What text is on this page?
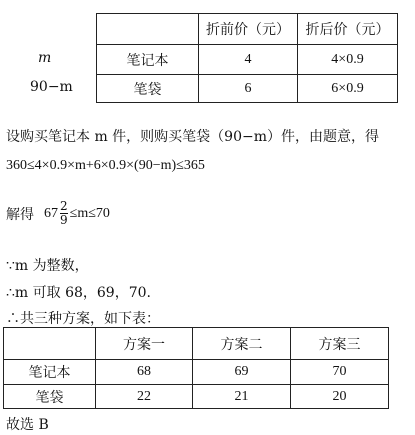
m
90−m
	折前价（元）	折后价（元）
笔记本	4	4×0.9
笔袋	6	6×0.9
设购买笔记本 m 件，则购买笔袋（90−m）件，由题意，得
360≤4×0.9×m+6×0.9×(90−m)≤365
解得 $67 \frac{2}{9} \le m\le 70$
∵m 为整数，
∴m 可取 68，69，70.
∴共三种方案，如下表：
	方案一	方案二	方案三
笔记本	68	69	70
笔袋	22	21	20
故选 B
